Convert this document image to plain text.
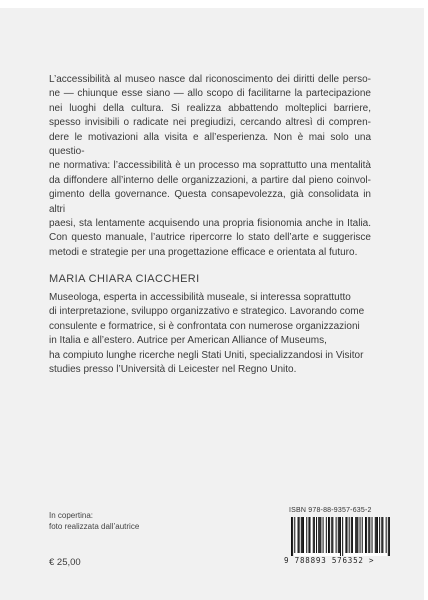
L’accessibilità al museo nasce dal riconoscimento dei diritti delle perso-
ne — chiunque esse siano — allo scopo di facilitarne la partecipazione
nei luoghi della cultura. Si realizza abbattendo molteplici barriere,
spesso invisibili o radicate nei pregiudizi, cercando altresì di compren-
dere le motivazioni alla visita e all’esperienza. Non è mai solo una questio-
ne normativa: l’accessibilità è un processo ma soprattutto una mentalità
da diffondere all’interno delle organizzazioni, a partire dal pieno coinvol-
gimento della governance. Questa consapevolezza, già consolidata in altri
paesi, sta lentamente acquisendo una propria fisionomia anche in Italia.
Con questo manuale, l’autrice ripercorre lo stato dell’arte e suggerisce
metodi e strategie per una progettazione efficace e orientata al futuro.

MARIA CHIARA CIACCHERI

Museologa, esperta in accessibilità museale, si interessa soprattutto
di interpretazione, sviluppo organizzativo e strategico. Lavorando come
consulente e formatrice, si è confrontata con numerose organizzazioni
in Italia e all’estero. Autrice per American Alliance of Museums,
ha compiuto lunghe ricerche negli Stati Uniti, specializzandosi in Visitor
studies presso l’Università di Leicester nel Regno Unito.

In copertina:
foto realizzata dall’autrice

€ 25,00

ISBN 978-88-9357-635-2

9 788893 576352 >
